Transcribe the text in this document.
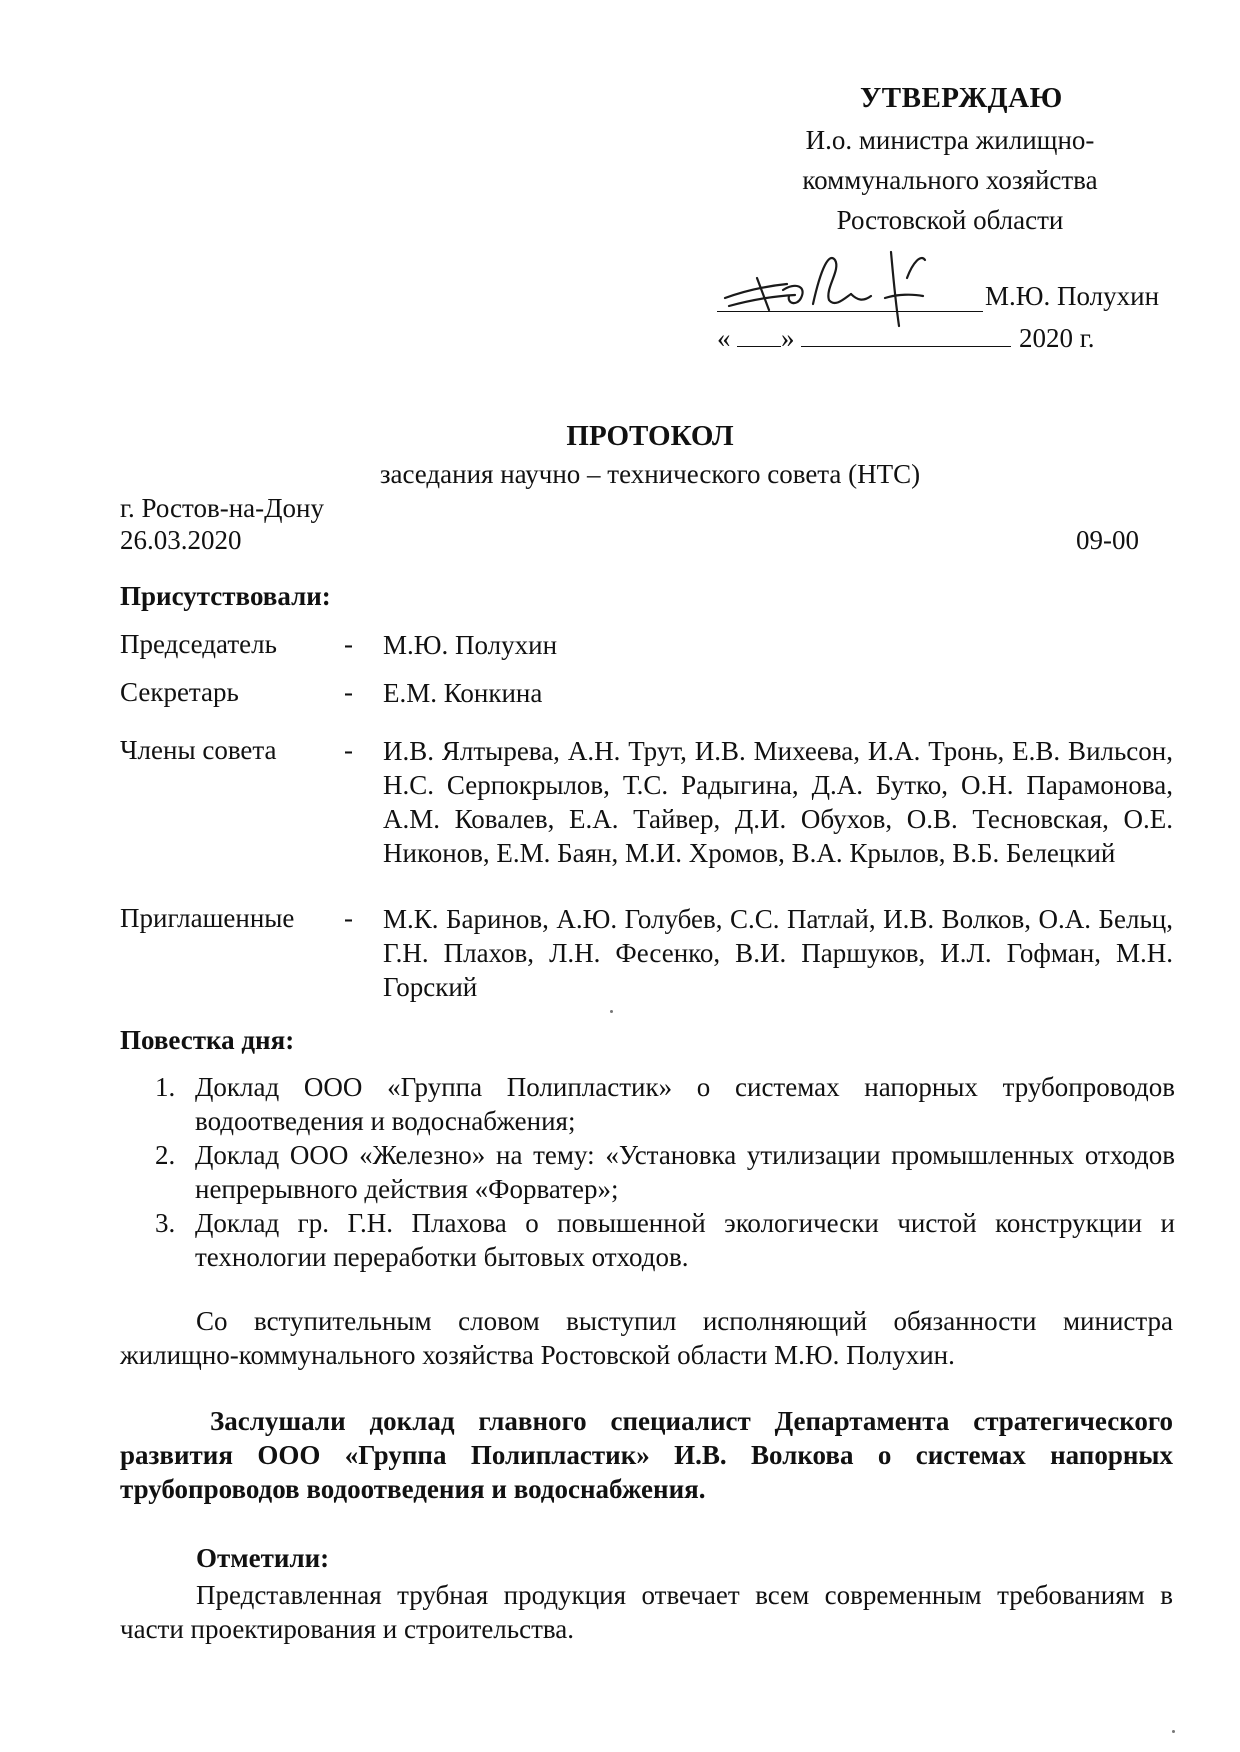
УТВЕРЖДАЮ
И.о. министра жилищно-
коммунального хозяйства
Ростовской области
М.Ю. Полухин
« »	2020 г.
ПРОТОКОЛ
заседания научно – технического совета (НТС)
г. Ростов-на-Дону
26.03.2020	09-00
Присутствовали:
Председатель - М.Ю. Полухин
Секретарь	- Е.М. Конкина
Члены совета - И.В. Ялтырева, А.Н. Трут, И.В. Михеева, И.А. Тронь, Е.В. Вильсон, Н.С. Серпокрылов, Т.С. Радыгина, Д.А. Бутко, О.Н. Парамонова, А.М. Ковалев, Е.А. Тайвер, Д.И. Обухов, О.В. Тесновская, О.Е. Никонов, Е.М. Баян, М.И. Хромов, В.А. Крылов, В.Б. Белецкий
Приглашенные - М.К. Баринов, А.Ю. Голубев, С.С. Патлай, И.В. Волков, О.А. Бельц, Г.Н. Плахов, Л.Н. Фесенко, В.И. Паршуков, И.Л. Гофман, М.Н. Горский
Повестка дня:
1. Доклад ООО «Группа Полипластик» о системах напорных трубопроводов водоотведения и водоснабжения;
2. Доклад ООО «Железно» на тему: «Установка утилизации промышленных отходов непрерывного действия «Форватер»;
3. Доклад гр. Г.Н. Плахова о повышенной экологически чистой конструкции и технологии переработки бытовых отходов.
Со вступительным словом выступил исполняющий обязанности министра жилищно-коммунального хозяйства Ростовской области М.Ю. Полухин.
Заслушали доклад главного специалист Департамента стратегического развития ООО «Группа Полипластик» И.В. Волкова о системах напорных трубопроводов водоотведения и водоснабжения.
Отметили:
Представленная трубная продукция отвечает всем современным требованиям в части проектирования и строительства.
